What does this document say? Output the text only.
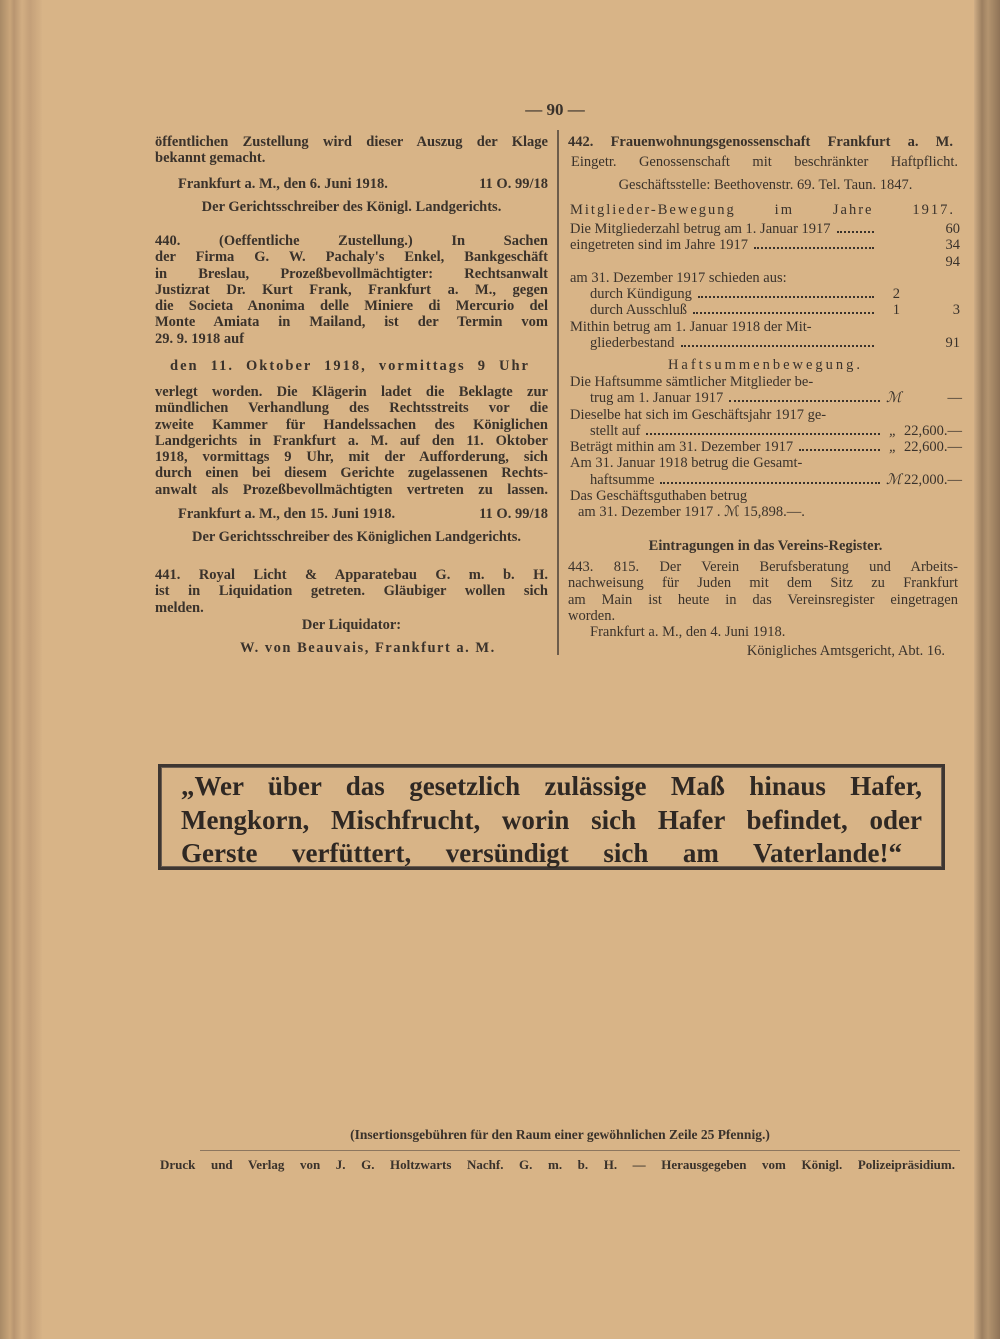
— 90 —
öffentlichen Zustellung wird dieser Auszug der Klage
bekannt gemacht.
Frankfurt a. M., den 6. Juni 1918.	11 O. 99/18
Der Gerichtsschreiber des Königl. Landgerichts.
440. (Oeffentliche Zustellung.) In Sachen
der Firma G. W. Pachaly's Enkel, Bankgeschäft
in Breslau, Prozeßbevollmächtigter: Rechtsanwalt
Justizrat Dr. Kurt Frank, Frankfurt a. M., gegen
die Societa Anonima delle Miniere di Mercurio del
Monte Amiata in Mailand, ist der Termin vom
29. 9. 1918 auf
den 11. Oktober 1918, vormittags 9 Uhr
verlegt worden. Die Klägerin ladet die Beklagte zur
mündlichen Verhandlung des Rechtsstreits vor die
zweite Kammer für Handelssachen des Königlichen
Landgerichts in Frankfurt a. M. auf den 11. Oktober
1918, vormittags 9 Uhr, mit der Aufforderung, sich
durch einen bei diesem Gerichte zugelassenen Rechts-
anwalt als Prozeßbevollmächtigten vertreten zu lassen.
Frankfurt a. M., den 15. Juni 1918.	11 O. 99/18
Der Gerichtsschreiber des Königlichen Landgerichts.
441. Royal Licht & Apparatebau G. m. b. H.
ist in Liquidation getreten. Gläubiger wollen sich
melden.
Der Liquidator:
W. von Beauvais, Frankfurt a. M.
442. Frauenwohnungsgenossenschaft Frankfurt a. M.
Eingetr. Genossenschaft mit beschränkter Haftpflicht.
Geschäftsstelle: Beethovenstr. 69. Tel. Taun. 1847.
Mitglieder-Bewegung im Jahre 1917.
Die Mitgliederzahl betrug am 1. Januar 1917	60
eingetreten sind im Jahre 1917	34
94
am 31. Dezember 1917 schieden aus:
durch Kündigung	2
durch Ausschluß	1	3
Mithin betrug am 1. Januar 1918 der Mit-
gliederbestand	91
Haftsummenbewegung.
Die Haftsumme sämtlicher Mitglieder be-
trug am 1. Januar 1917	ℳ	—
Dieselbe hat sich im Geschäftsjahr 1917 ge-
stellt auf	„ 22,600.—
Beträgt mithin am 31. Dezember 1917	„ 22,600.—
Am 31. Januar 1918 betrug die Gesamt-
haftsumme	ℳ 22,000.—
Das Geschäftsguthaben betrug
am 31. Dezember 1917 . ℳ 15,898.—.
Eintragungen in das Vereins-Register.
443. 815. Der Verein Berufsberatung und Arbeits-
nachweisung für Juden mit dem Sitz zu Frankfurt
am Main ist heute in das Vereinsregister eingetragen
worden.
Frankfurt a. M., den 4. Juni 1918.
Königliches Amtsgericht, Abt. 16.
„Wer über das gesetzlich zulässige Maß hinaus Hafer,
Mengkorn, Mischfrucht, worin sich Hafer befindet, oder
Gerste verfüttert, versündigt sich am Vaterlande!“
(Insertionsgebühren für den Raum einer gewöhnlichen Zeile 25 Pfennig.)
Druck und Verlag von J. G. Holtzwarts Nachf. G. m. b. H. — Herausgegeben vom Königl. Polizeipräsidium.
